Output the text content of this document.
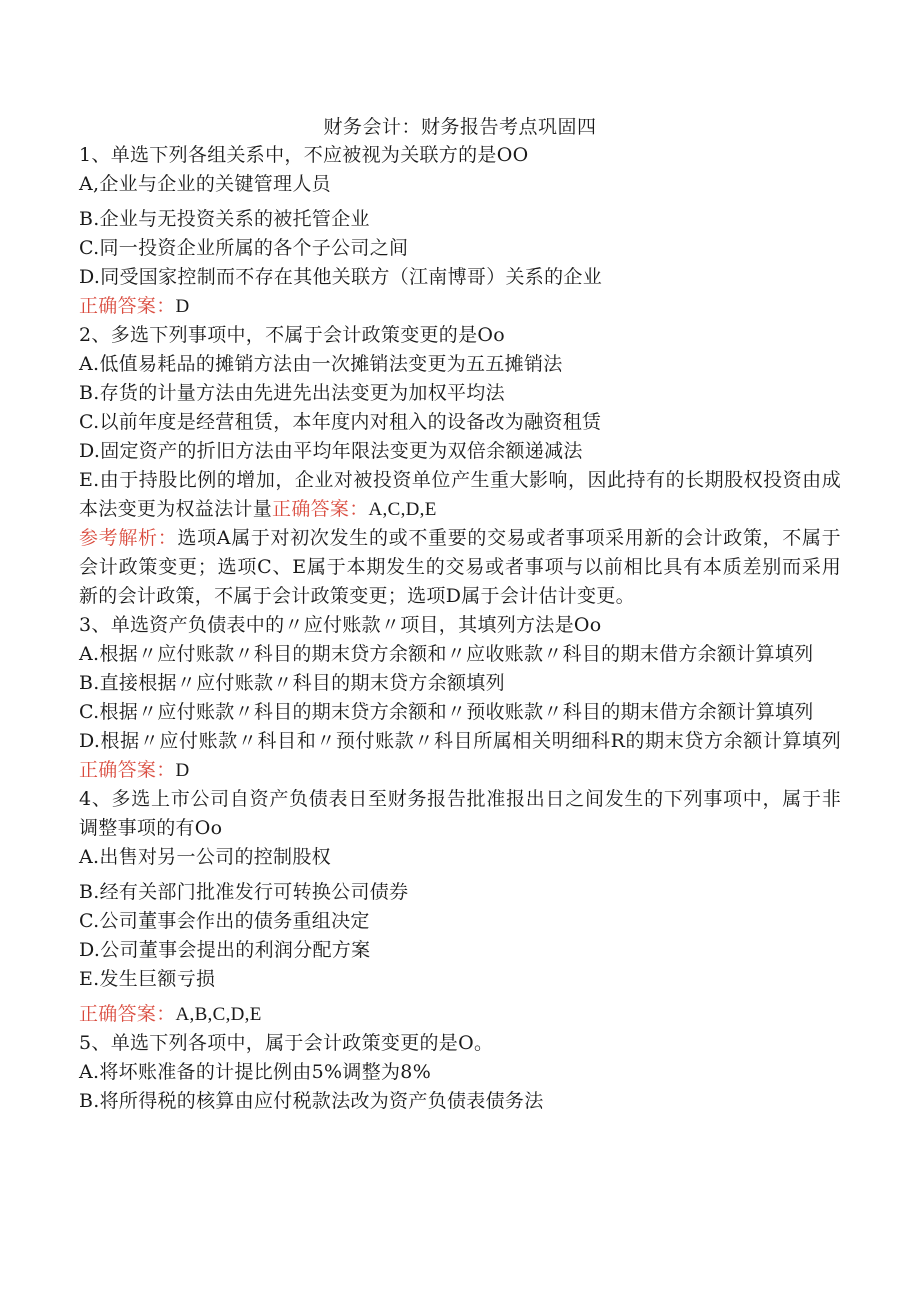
财务会计：财务报告考点巩固四
1、单选下列各组关系中，不应被视为关联方的是OO
A,企业与企业的关键管理人员
B.企业与无投资关系的被托管企业
C.同一投资企业所属的各个子公司之间
D.同受国家控制而不存在其他关联方（江南博哥）关系的企业
正确答案：D
2、多选下列事项中，不属于会计政策变更的是Oo
A.低值易耗品的摊销方法由一次摊销法变更为五五摊销法
B.存货的计量方法由先进先出法变更为加权平均法
C.以前年度是经营租赁，本年度内对租入的设备改为融资租赁
D.固定资产的折旧方法由平均年限法变更为双倍余额递减法
E.由于持股比例的增加，企业对被投资单位产生重大影响，因此持有的长期股权投资由成本法变更为权益法计量正确答案：A,C,D,E
参考解析：选项A属于对初次发生的或不重要的交易或者事项采用新的会计政策，不属于会计政策变更；选项C、E属于本期发生的交易或者事项与以前相比具有本质差别而采用新的会计政策，不属于会计政策变更；选项D属于会计估计变更。
3、单选资产负债表中的〃应付账款〃项目，其填列方法是Oo
A.根据〃应付账款〃科目的期末贷方余额和〃应收账款〃科目的期末借方余额计算填列
B.直接根据〃应付账款〃科目的期末贷方余额填列
C.根据〃应付账款〃科目的期末贷方余额和〃预收账款〃科目的期末借方余额计算填列
D.根据〃应付账款〃科目和〃预付账款〃科目所属相关明细科R的期末贷方余额计算填列正确答案：D
4、多选上市公司自资产负债表日至财务报告批准报出日之间发生的下列事项中，属于非调整事项的有Oo
A.出售对另一公司的控制股权
B.经有关部门批准发行可转换公司债券
C.公司董事会作出的债务重组决定
D.公司董事会提出的利润分配方案
E.发生巨额亏损
正确答案：A,B,C,D,E
5、单选下列各项中，属于会计政策变更的是O。
A.将坏账准备的计提比例由5%调整为8%
B.将所得税的核算由应付税款法改为资产负债表债务法
